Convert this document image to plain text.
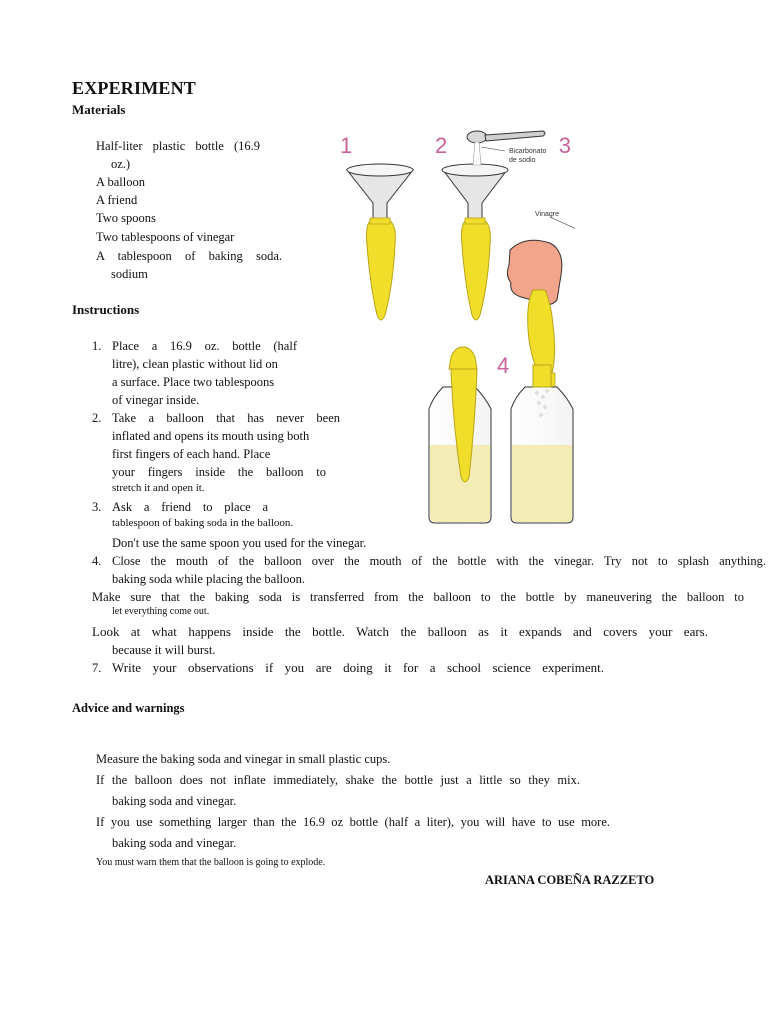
EXPERIMENT
Materials
Half-liter plastic bottle (16.9
oz.)
A balloon
A friend
Two spoons
Two tablespoons of vinegar
A tablespoon of baking soda.
sodium
Instructions
1. Place a 16.9 oz. bottle (half
litre), clean plastic without lid on
a surface. Place two tablespoons
of vinegar inside.
2. Take a balloon that has never been
inflated and opens its mouth using both
first fingers of each hand. Place
your fingers inside the balloon to
stretch it and open it.
3. Ask a friend to place a
tablespoon of baking soda in the balloon.
Don't use the same spoon you used for the vinegar.
4. Close the mouth of the balloon over the mouth of the bottle with the vinegar. Try not to splash anything.
baking soda while placing the balloon.
Make sure that the baking soda is transferred from the balloon to the bottle by maneuvering the balloon to
let everything come out.
Look at what happens inside the bottle. Watch the balloon as it expands and covers your ears.
because it will burst.
7. Write your observations if you are doing it for a school science experiment.
Advice and warnings
Measure the baking soda and vinegar in small plastic cups.
If the balloon does not inflate immediately, shake the bottle just a little so they mix.
baking soda and vinegar.
If you use something larger than the 16.9 oz bottle (half a liter), you will have to use more.
baking soda and vinegar.
You must warn them that the balloon is going to explode.
ARIANA COBEÑA RAZZETO
1	2	3
4
Bicarbonato
de sodio
Vinagre
